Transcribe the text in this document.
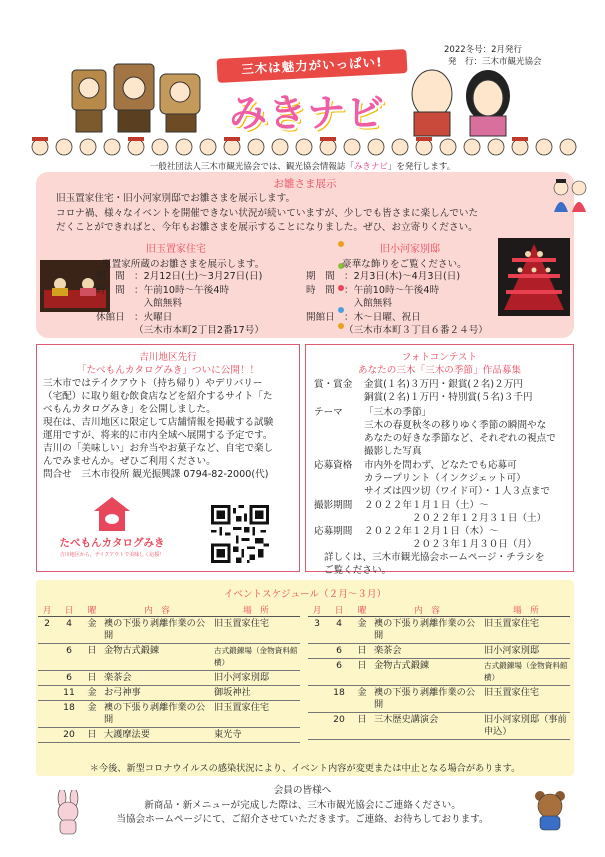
2022冬号：2月発行
発　行：三木市観光協会
三木は魅力がいっぱい!
みきナビ
一般社団法人三木市観光協会では、観光協会情報誌「みきナビ」を発行します。
お雛さま展示
旧玉置家住宅・旧小河家別邸でお雛さまを展示します。
コロナ禍、様々なイベントを開催できない状況が続いていますが、少しでも皆さまに楽しんでいた
だくことができればと、今年もお雛さまを展示することになりました。ぜひ、お立寄りください。
旧玉置家住宅
玉置家所蔵のお雛さまを展示します。
期　間 ：2月12日(土)～3月27日(日)
時　間 ：午前10時～午後4時
　入館無料
休館日 ：火曜日
（三木市本町2丁目2番17号）
旧小河家別邸
豪華な飾りをご覧ください。
期　間 ：2月3日(木)～4月3日(日)
時　間 ：午前10時～午後4時
　入館無料
開館日 ：木～日曜、祝日
（三木市本町３丁目６番２４号）
吉川地区先行
「たべもんカタログみき」ついに公開！！
三木市ではテイクアウト（持ち帰り）やデリバリー
（宅配）に取り組む飲食店などを紹介するサイト「た
べもんカタログみき」を公開しました。
現在は、吉川地区に限定して店舗情報を掲載する試験
運用ですが、将来的に市内全域へ展開する予定です。
吉川の「美味しい」お弁当やお菓子など、自宅で楽し
んでみませんか。ぜひご利用ください。
問合せ　三木市役所 観光振興課 0794-82-2000(代)
たべもんカタログみき
吉川地区から、テイクアウトで美味しく応援！
フォトコンテスト
あなたの三木「三木の季節」作品募集
賞・賞金	金賞(１名)３万円・銀賞(２名)２万円
銅賞(２名)１万円・特別賞(５名)３千円
テーマ	「三木の季節」
三木の春夏秋冬の移りゆく季節の瞬間やな
あなたの好きな季節など、それぞれの視点で
撮影した写真
応募資格	市内外を問わず、どなたでも応募可
カラープリント（インクジェット可）
サイズは四ツ切（ワイド可）・１人３点まで
撮影期間	２０２２年１月１日（土）～
　　　　　２０２２年１２月３１日（土）
応募期間	２０２２年１２月１日（木）～
　　　　　２０２３年１月３０日（月）
詳しくは、三木市観光協会ホームページ・チラシを
ご覧ください。
イベントスケジュール（２月～３月）
月	日	曜	内　容	場　所
2	4	金	襖の下張り剥離作業の公開	旧玉置家住宅
	6	日	金物古式鍛錬	古式鍛錬場（金物資料館横）
	6	日	楽茶会	旧小河家別邸
	11	金	お弓神事	御坂神社
	18	金	襖の下張り剥離作業の公開	旧玉置家住宅
	20	日	大護摩法要	東光寺
月	日	曜	内　容	場　所
3	4	金	襖の下張り剥離作業の公開	旧玉置家住宅
	6	日	楽茶会	旧小河家別邸
	6	日	金物古式鍛錬	古式鍛錬場（金物資料館横）
	18	金	襖の下張り剥離作業の公開	旧玉置家住宅
	20	日	三木歴史講演会	旧小河家別邸（事前申込）
＊今後、新型コロナウイルスの感染状況により、イベント内容が変更または中止となる場合があります。
会員の皆様へ
新商品・新メニューが完成した際は、三木市観光協会にご連絡ください。
当協会ホームページにて、ご紹介させていただきます。ご連絡、お待ちしております。
